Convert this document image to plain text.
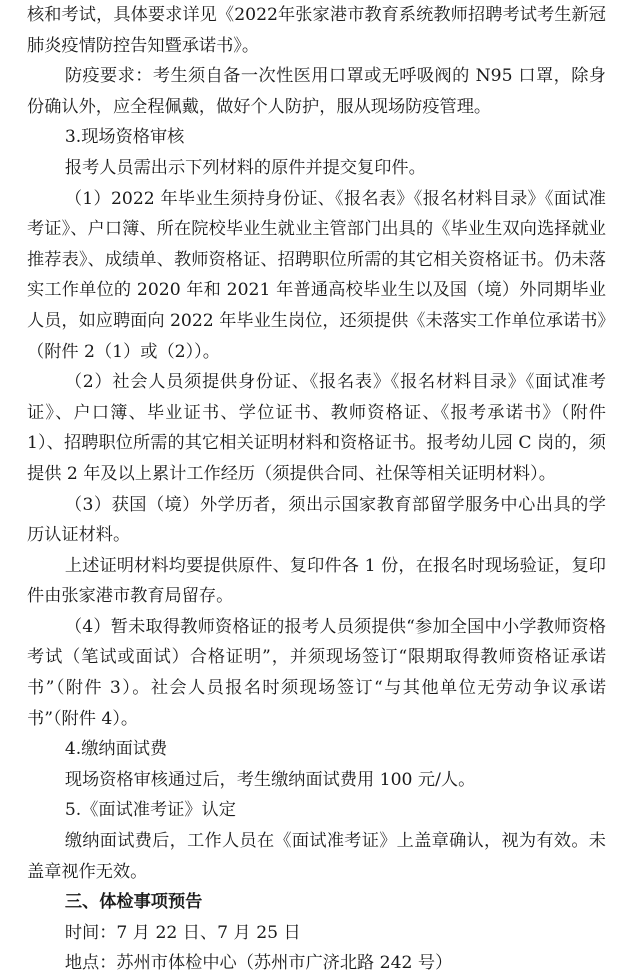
核和考试，具体要求详见《2022年张家港市教育系统教师招聘考试考生新冠肺炎疫情防控告知暨承诺书》。

防疫要求：考生须自备一次性医用口罩或无呼吸阀的 N95 口罩，除身份确认外，应全程佩戴，做好个人防护，服从现场防疫管理。

3.现场资格审核

报考人员需出示下列材料的原件并提交复印件。

（1）2022 年毕业生须持身份证、《报名表》《报名材料目录》《面试准考证》、户口簿、所在院校毕业生就业主管部门出具的《毕业生双向选择就业推荐表》、成绩单、教师资格证、招聘职位所需的其它相关资格证书。仍未落实工作单位的 2020 年和 2021 年普通高校毕业生以及国（境）外同期毕业人员，如应聘面向 2022 年毕业生岗位，还须提供《未落实工作单位承诺书》（附件 2（1）或（2））。

（2）社会人员须提供身份证、《报名表》《报名材料目录》《面试准考证》、户口簿、毕业证书、学位证书、教师资格证、《报考承诺书》（附件 1）、招聘职位所需的其它相关证明材料和资格证书。报考幼儿园 C 岗的，须提供 2 年及以上累计工作经历（须提供合同、社保等相关证明材料）。

（3）获国（境）外学历者，须出示国家教育部留学服务中心出具的学历认证材料。

上述证明材料均要提供原件、复印件各 1 份，在报名时现场验证，复印件由张家港市教育局留存。

（4）暂未取得教师资格证的报考人员须提供“参加全国中小学教师资格考试（笔试或面试）合格证明”，并须现场签订“限期取得教师资格证承诺书”（附件 3）。社会人员报名时须现场签订“与其他单位无劳动争议承诺书”（附件 4）。

4.缴纳面试费

现场资格审核通过后，考生缴纳面试费用 100 元/人。

5.《面试准考证》认定

缴纳面试费后，工作人员在《面试准考证》上盖章确认，视为有效。未盖章视作无效。

三、体检事项预告

时间：7 月 22 日、7 月 25 日

地点：苏州市体检中心（苏州市广济北路 242 号）
